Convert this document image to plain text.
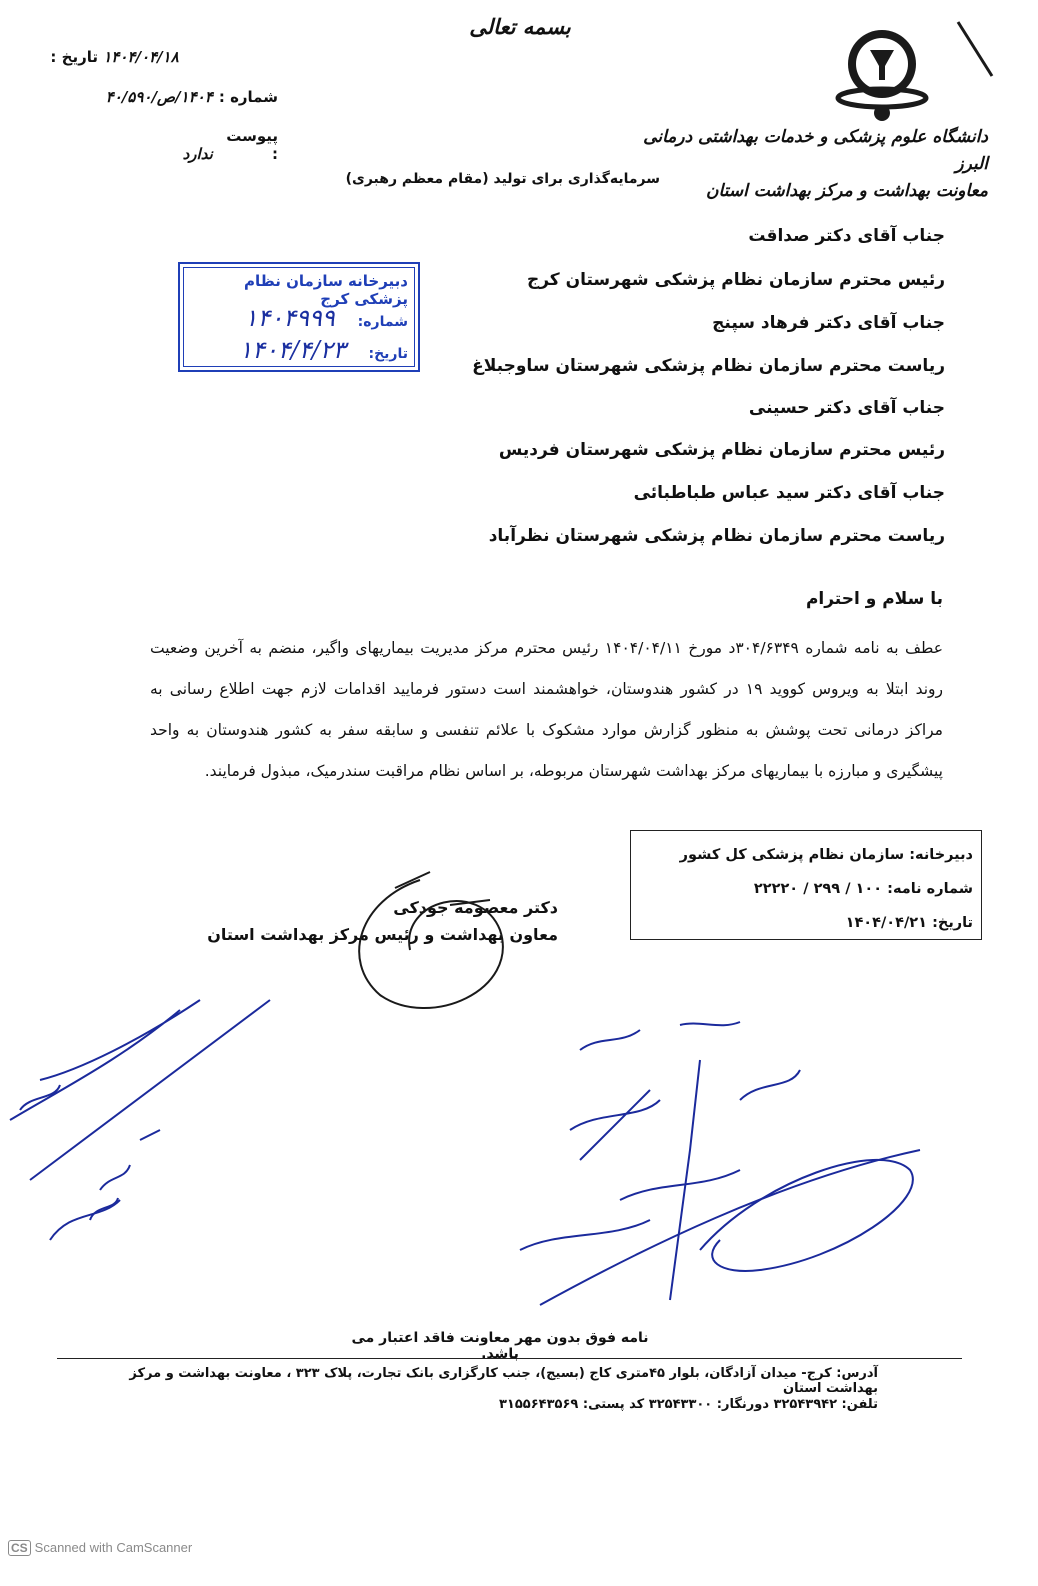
بسمه تعالی
دانشگاه علوم پزشکی و خدمات بهداشتی درمانی البرز
معاونت بهداشت و مرکز بهداشت استان
تاریخ : ۱۴۰۴/۰۴/۱۸
شماره : ۱۴۰۴/ص/۴۰/۵۹۰
پیوست : ندارد
سرمایه‌گذاری برای تولید (مقام معظم رهبری)
جناب آقای دکتر صداقت
رئیس محترم سازمان نظام پزشکی شهرستان کرج
جناب آقای دکتر فرهاد سپنج
ریاست محترم سازمان نظام پزشکی شهرستان ساوجبلاغ
جناب آقای دکتر حسینی
رئیس محترم سازمان نظام پزشکی شهرستان فردیس
جناب آقای دکتر سید عباس طباطبائی
ریاست محترم سازمان نظام پزشکی شهرستان نظرآباد
دبیرخانه سازمان نظام پزشکی کرج
شماره: ۱۴۰۴۹۹۹
تاریخ: ۱۴۰۴/۴/۲۳
با سلام و احترام
عطف به نامه شماره ۳۰۴/۶۳۴۹د مورخ ۱۴۰۴/۰۴/۱۱ رئیس محترم مرکز مدیریت بیماریهای واگیر، منضم به آخرین وضعیت روند ابتلا به ویروس کووید ۱۹ در کشور هندوستان، خواهشمند است دستور فرمایید اقدامات لازم جهت اطلاع رسانی به مراکز درمانی تحت پوشش به منظور گزارش موارد مشکوک با علائم تنفسی و سابقه سفر به کشور هندوستان به واحد پیشگیری و مبارزه با بیماریهای مرکز بهداشت شهرستان مربوطه، بر اساس نظام مراقبت سندرمیک، مبذول فرمایند.
دبیرخانه: سازمان نظام پزشکی کل کشور
شماره نامه: ۱۰۰ / ۲۹۹ / ۲۲۲۲۰
تاریخ: ۱۴۰۴/۰۴/۲۱
دکتر معصومه جودکی
معاون بهداشت و رئیس مرکز بهداشت استان
نامه فوق بدون مهر معاونت فاقد اعتبار می باشد.
آدرس: کرج- میدان آزادگان، بلوار ۴۵متری کاج (بسیج)، جنب کارگزاری بانک تجارت، پلاک ۳۲۳ ، معاونت بهداشت و مرکز بهداشت استان
تلفن: ۳۲۵۴۳۹۴۲ دورنگار: ۳۲۵۴۳۳۰۰ کد پستی: ۳۱۵۵۶۴۳۵۶۹
CS Scanned with CamScanner
